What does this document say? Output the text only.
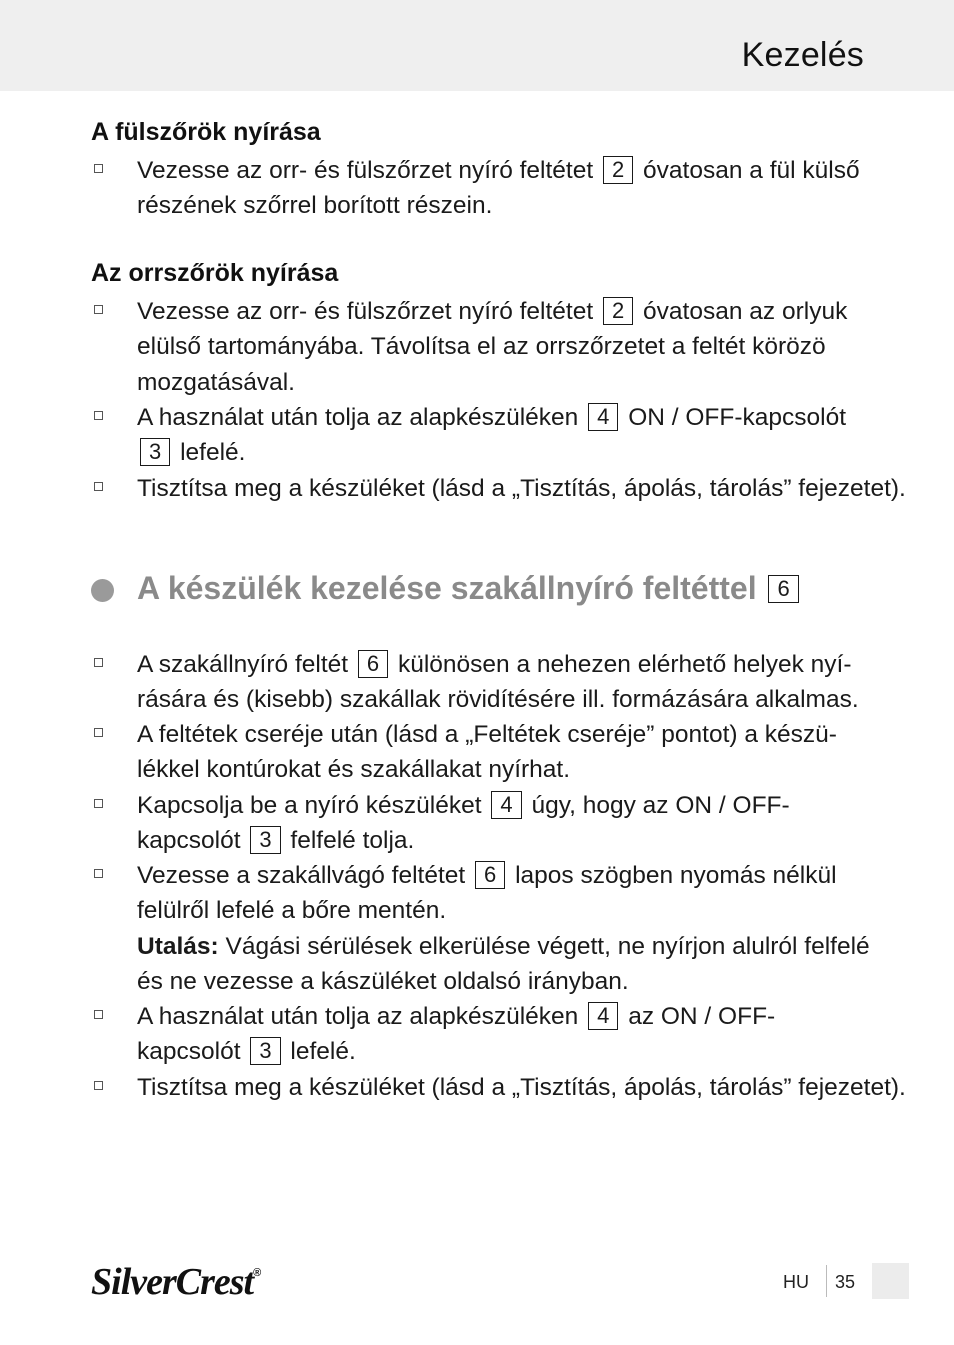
Kezelés
A fülszőrök nyírása
Vezesse az orr- és fülszőrzet nyíró feltétet 2 óvatosan a fül külső részének szőrrel borított részein.
Az orrszőrök nyírása
Vezesse az orr- és fülszőrzet nyíró feltétet 2 óvatosan az orlyuk elülső tartományába. Távolítsa el az orrszőrzetet a feltét körözö mozgatásával.
A használat után tolja az alapkészüléken 4 ON / OFF-kapcsolót 3 lefelé.
Tisztítsa meg a készüléket (lásd a „Tisztítás, ápolás, tárolás” fejezetet).
A készülék kezelése szakállnyíró feltéttel 6
A szakállnyíró feltét 6 különösen a nehezen elérhető helyek nyí-rására és (kisebb) szakállak rövidítésére ill. formázására alkalmas.
A feltétek cseréje után (lásd a „Feltétek cseréje” pontot) a készü-lékkel kontúrokat és szakállakat nyírhat.
Kapcsolja be a nyíró készüléket 4 úgy, hogy az ON / OFF-kapcsolót 3 felfelé tolja.
Vezesse a szakállvágó feltétet 6 lapos szögben nyomás nélkül felülről lefelé a bőre mentén.
Utalás: Vágási sérülések elkerülése végett, ne nyírjon alulról felfelé és ne vezesse a kászüléket oldalsó irányban.
A használat után tolja az alapkészüléken 4 az ON / OFF-kapcsolót 3 lefelé.
Tisztítsa meg a készüléket (lásd a „Tisztítás, ápolás, tárolás” fejezetet).
SilverCrest®	HU 35
